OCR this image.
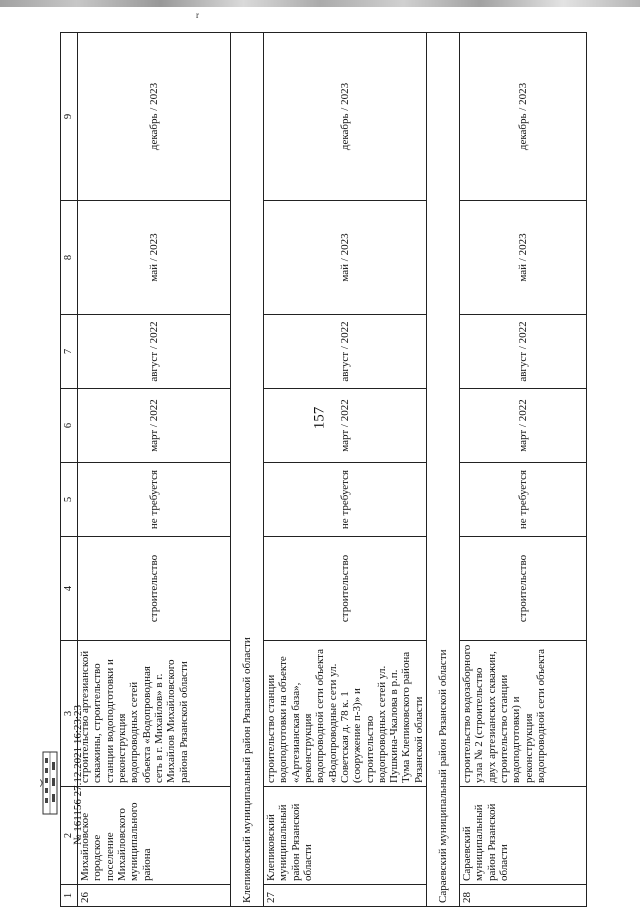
r
157
1	2	3	4	5	6	7	8	9
26	Михайловское городское поселение Михайловского муниципального района	строительство артезианской скважины, строительство станции водоподготовки и реконструкция водопроводных сетей объекта «Водопроводная сеть в г. Михайлов» в г. Михайлов Михайловского района Рязанской области	строительство	не требуется	март / 2022	август / 2022	май / 2023	декабрь / 2023
Клепиковский муниципальный район Рязанской области								
27	Клепиковский муниципальный район Рязанской области	строительство станции водоподготовки на объекте «Артезианская база», реконструкция водопроводной сети объекта «Водопроводные сети ул. Советская д. 78 к. 1 (сооружение п-3)» и строительство водопроводных сетей ул. Пушкина-Чкалова в р.п. Тума Клепиковского района Рязанской области	строительство	не требуется	март / 2022	август / 2022	май / 2023	декабрь / 2023
Сараевский муниципальный район Рязанской области								
28	Сараевский муниципальный район Рязанской области	строительство водозаборного узла № 2 (строительство двух артезианских скважин, строительство станции водоподготовки) и реконструкция водопроводной сети объекта	строительство	не требуется	март / 2022	август / 2022	май / 2023	декабрь / 2023
№ 161156 27.12.2021 16:23:23
